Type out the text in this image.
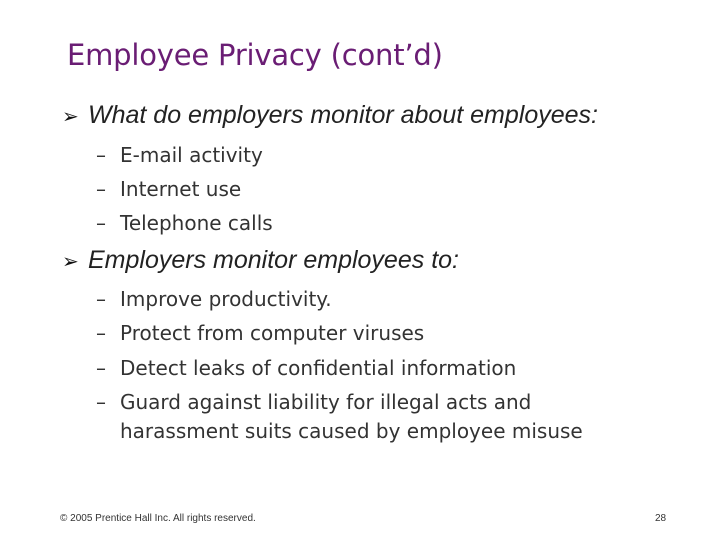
Employee Privacy (cont’d)
➢ What do employers monitor about employees:
– E-mail activity
– Internet use
– Telephone calls
➢ Employers monitor employees to:
– Improve productivity.
– Protect from computer viruses
– Detect leaks of confidential information
– Guard against liability for illegal acts and
harassment suits caused by employee misuse
© 2005 Prentice Hall Inc. All rights reserved.	28
